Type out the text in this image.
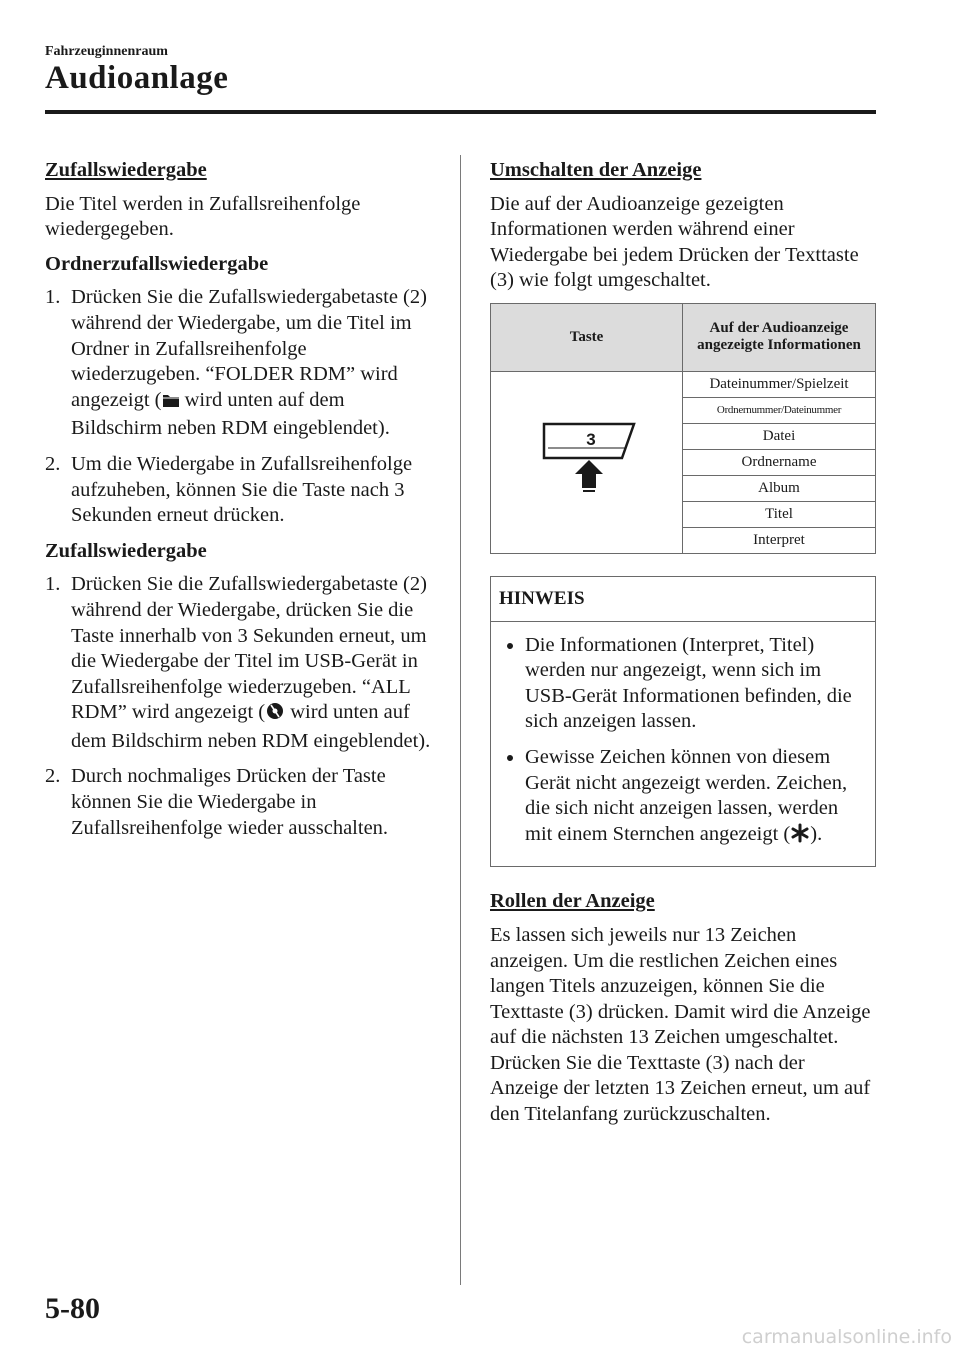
Fahrzeuginnenraum
Audioanlage
Zufallswiedergabe
Die Titel werden in Zufallsreihenfolge wiedergegeben.
Ordnerzufallswiedergabe
1. Drücken Sie die Zufallswiedergabetaste (2) während der Wiedergabe, um die Titel im Ordner in Zufallsreihenfolge wiederzugeben. “FOLDER RDM” wird angezeigt ( wird unten auf dem Bildschirm neben RDM eingeblendet).
2. Um die Wiedergabe in Zufallsreihenfolge aufzuheben, können Sie die Taste nach 3 Sekunden erneut drücken.
Zufallswiedergabe
1. Drücken Sie die Zufallswiedergabetaste (2) während der Wiedergabe, drücken Sie die Taste innerhalb von 3 Sekunden erneut, um die Wiedergabe der Titel im USB-Gerät in Zufallsreihenfolge wiederzugeben. “ALL RDM” wird angezeigt ( wird unten auf dem Bildschirm neben RDM eingeblendet).
2. Durch nochmaliges Drücken der Taste können Sie die Wiedergabe in Zufallsreihenfolge wieder ausschalten.
Umschalten der Anzeige
Die auf der Audioanzeige gezeigten Informationen werden während einer Wiedergabe bei jedem Drücken der Texttaste (3) wie folgt umgeschaltet.
Taste	Auf der Audioanzeige angezeigte Informationen

3	Dateinummer/Spielzeit
	Ordnernummer/Dateinummer
	Datei
	Ordnername
	Album
	Titel
	Interpret
HINWEIS
Die Informationen (Interpret, Titel) werden nur angezeigt, wenn sich im USB-Gerät Informationen befinden, die sich anzeigen lassen.
Gewisse Zeichen können von diesem Gerät nicht angezeigt werden. Zeichen, die sich nicht anzeigen lassen, werden mit einem Sternchen angezeigt ( ).
Rollen der Anzeige
Es lassen sich jeweils nur 13 Zeichen anzeigen. Um die restlichen Zeichen eines langen Titels anzuzeigen, können Sie die Texttaste (3) drücken. Damit wird die Anzeige auf die nächsten 13 Zeichen umgeschaltet. Drücken Sie die Texttaste (3) nach der Anzeige der letzten 13 Zeichen erneut, um auf den Titelanfang zurückzuschalten.
5-80
carmanualsonline.info
